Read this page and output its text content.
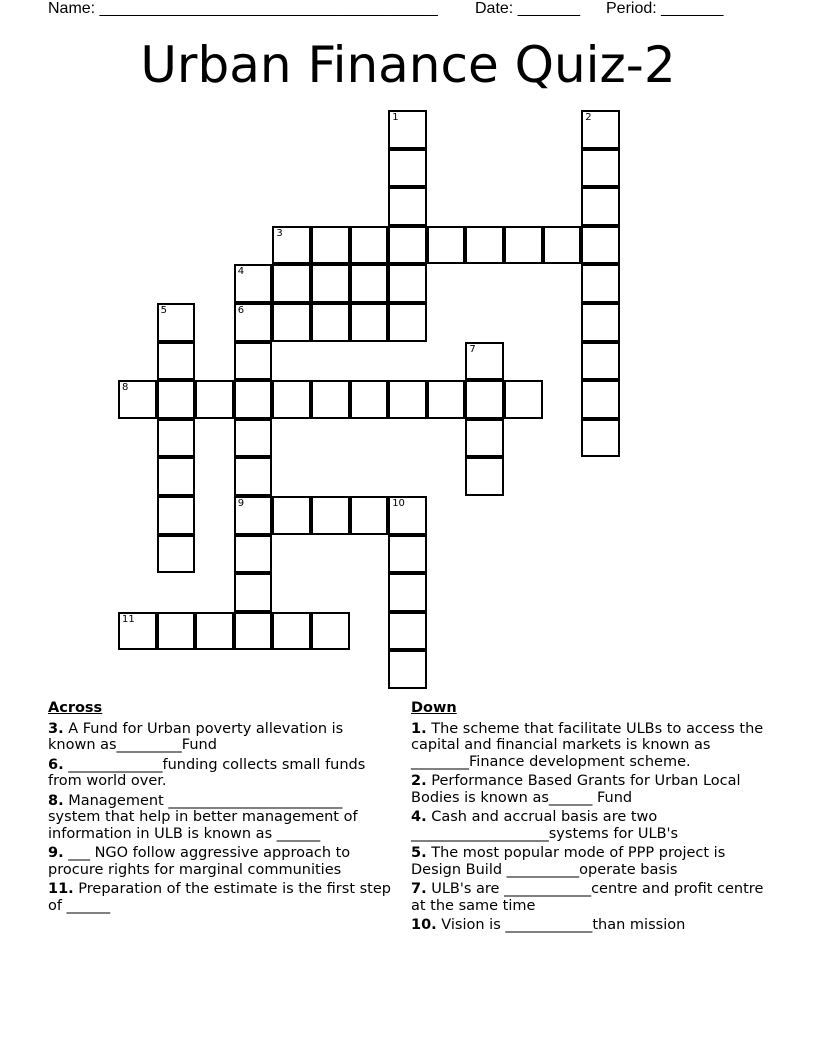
Name: ______________________________________ Date: _______ Period: _______
Urban Finance Quiz-2
1	2
3
4
6
9
5
7
8
10
11
Across
3. A Fund for Urban poverty allevation is known as_________Fund
6. _____________funding collects small funds from world over.
8. Management ________________________ system that help in better management of information in ULB is known as ______
9. ___ NGO follow aggressive approach to procure rights for marginal communities
11. Preparation of the estimate is the first step of ______
Down
1. The scheme that facilitate ULBs to access the capital and financial markets is known as ________Finance development scheme.
2. Performance Based Grants for Urban Local Bodies is known as______ Fund
4. Cash and accrual basis are two ___________________systems for ULB's
5. The most popular mode of PPP project is Design Build __________operate basis
7. ULB's are ____________centre and profit centre at the same time
10. Vision is ____________than mission
